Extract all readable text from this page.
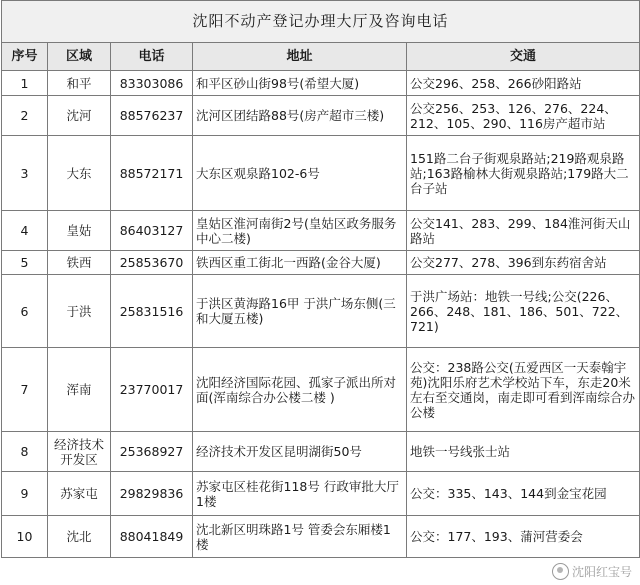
沈阳不动产登记办理大厅及咨询电话				
序号	区域	电话	地址	交通
1	和平	83303086	和平区砂山街98号(希望大厦)	公交296、258、266砂阳路站
2	沈河	88576237	沈河区团结路88号(房产超市三楼)	公交256、253、126、276、224、212、105、290、116房产超市站
3	大东	88572171	大东区观泉路102-6号	151路二台子街观泉路站;219路观泉路站;163路榆林大街观泉路站;179路大二台子站
4	皇姑	86403127	皇姑区淮河南街2号(皇姑区政务服务中心二楼)	公交141、283、299、184淮河街天山路站
5	铁西	25853670	铁西区重工街北一西路(金谷大厦)	公交277、278、396到东药宿舍站
6	于洪	25831516	于洪区黄海路16甲 于洪广场东侧(三和大厦五楼)	于洪广场站：地铁一号线;公交(226、266、248、181、186、501、722、721)
7	浑南	23770017	沈阳经济国际花园、孤家子派出所对面(浑南综合办公楼二楼 )	公交：238路公交(五爱西区一天泰翰宇苑)沈阳乐府艺术学校站下车，东走20米左右至交通岗，南走即可看到浑南综合办公楼
8	经济技术开发区	25368927	经济技术开发区昆明湖街50号	地铁一号线张士站
9	苏家屯	29829836	苏家屯区桂花街118号 行政审批大厅1楼	公交：335、143、144到金宝花园
10	沈北	88041849	沈北新区明珠路1号 管委会东厢楼1楼	公交：177、193、蒲河营委会
沈阳红宝号
